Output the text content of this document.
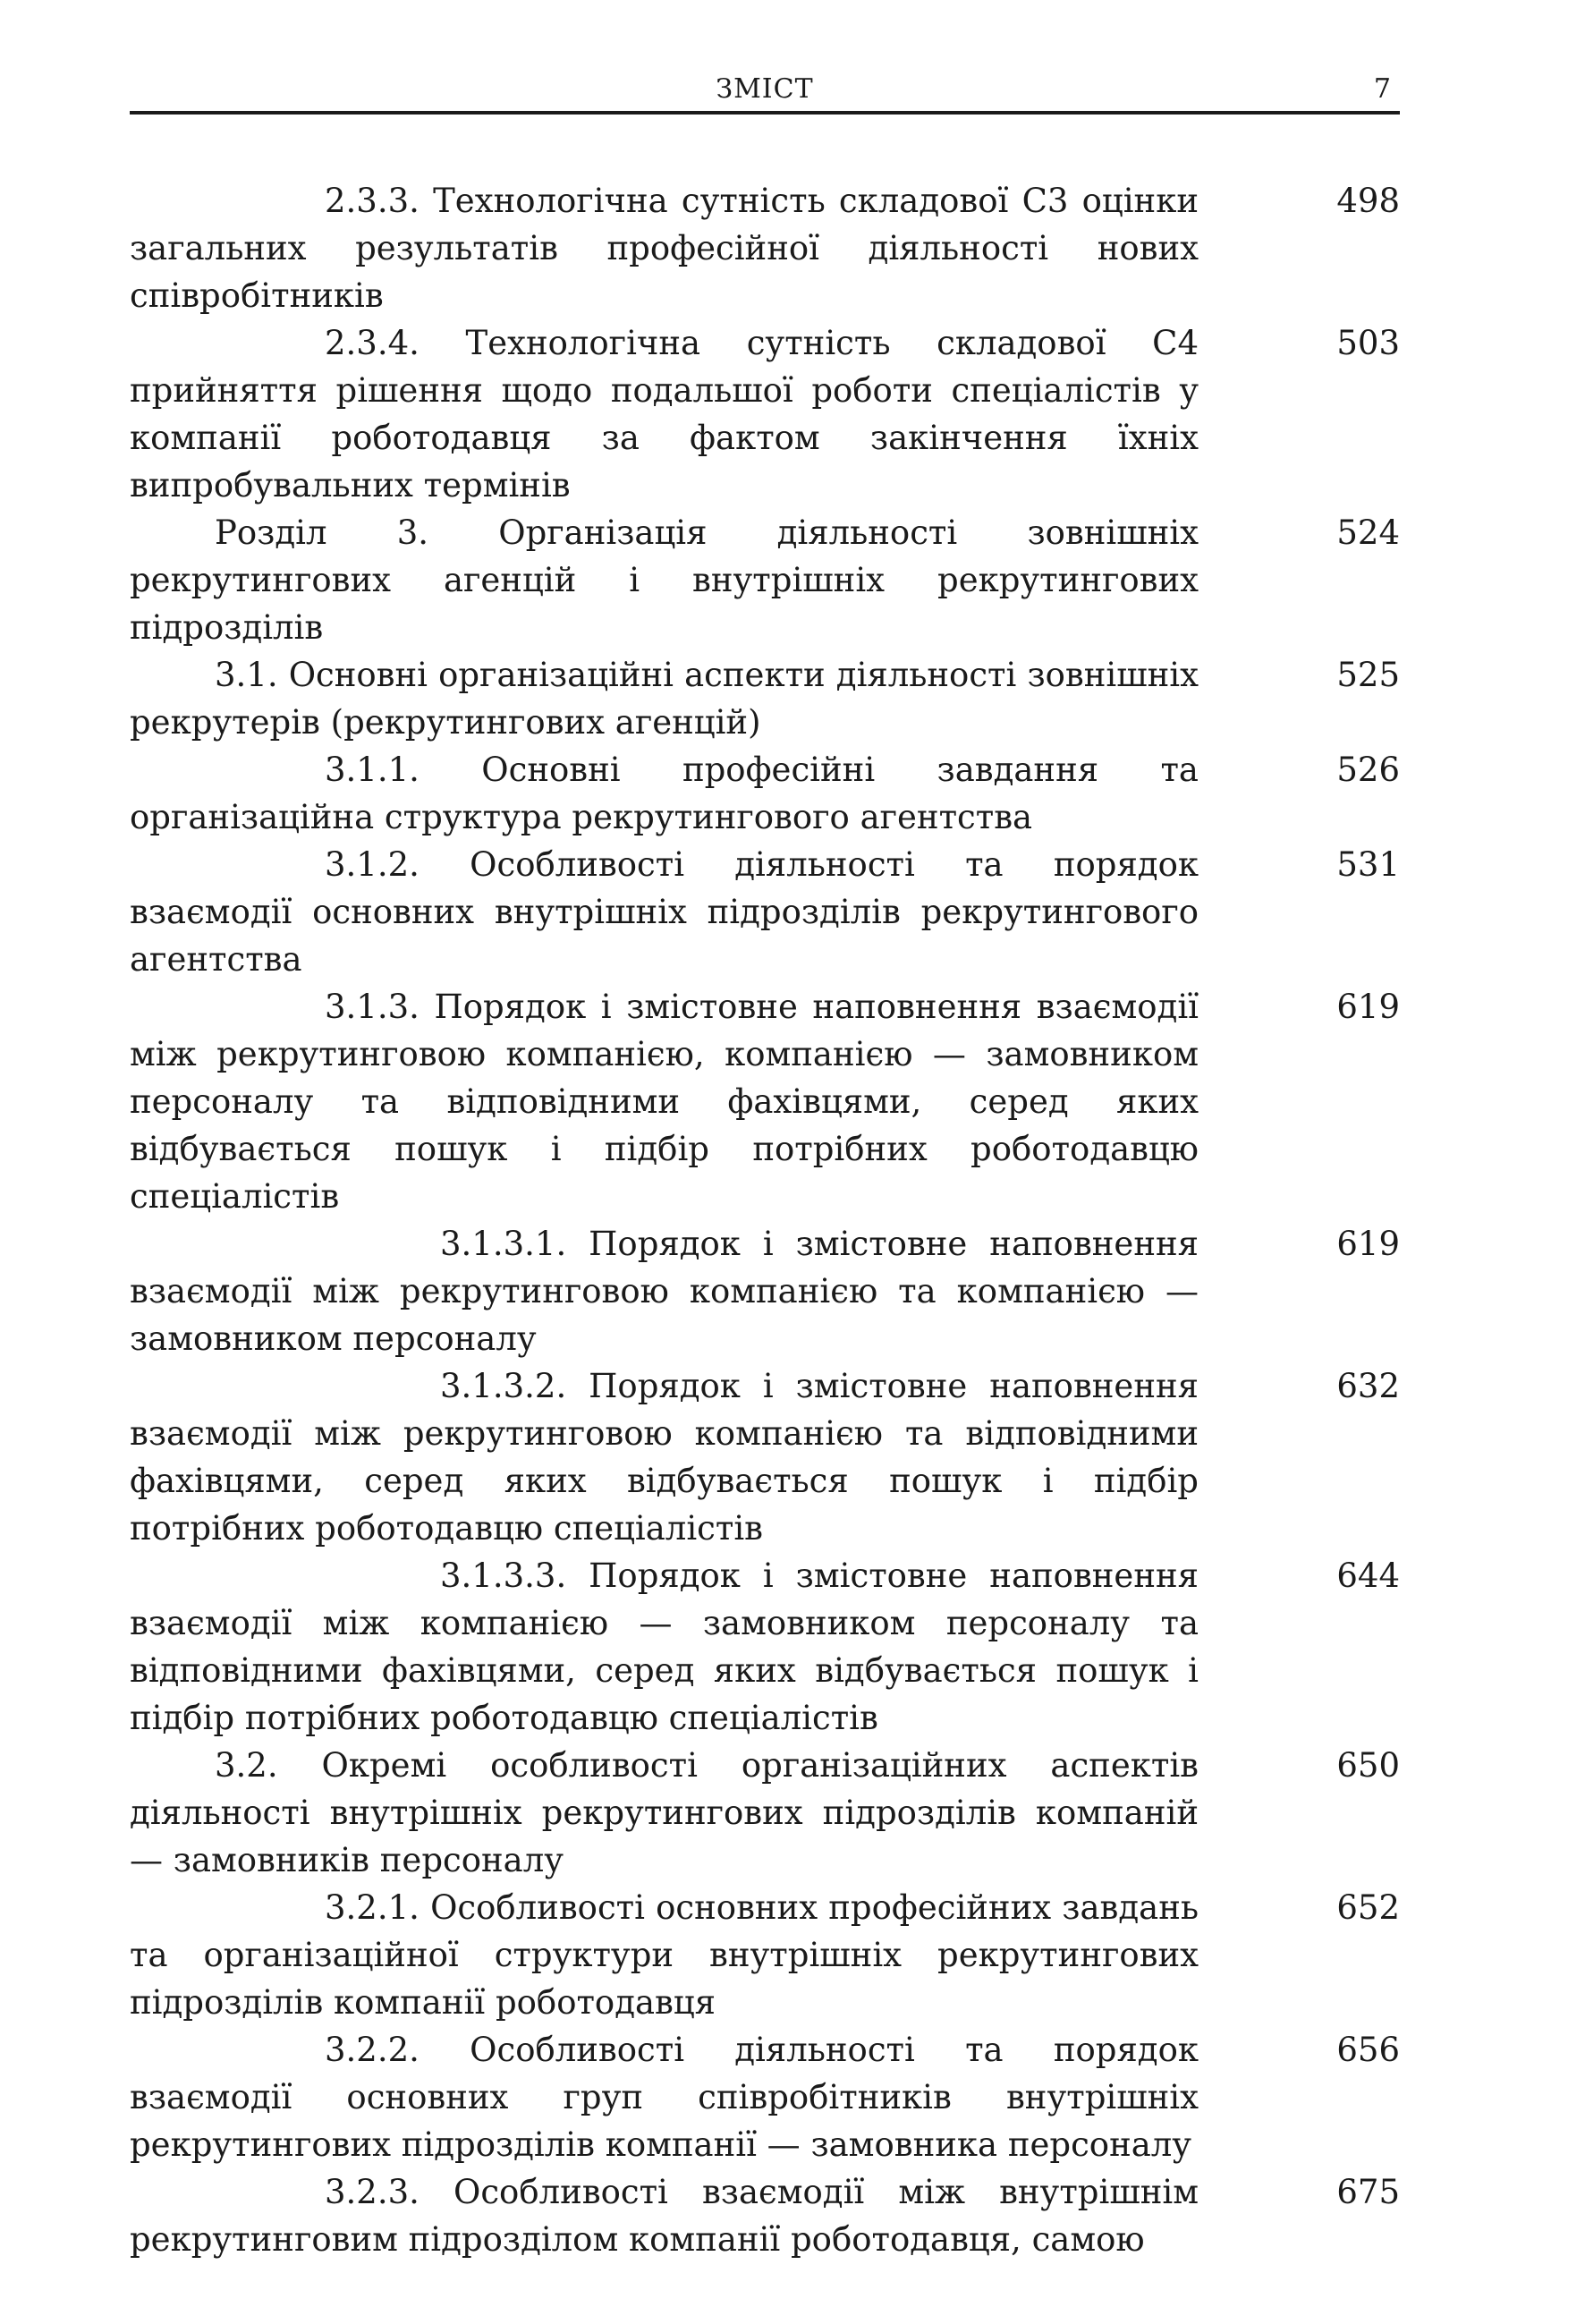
ЗМІСТ	7
2.3.3. Технологічна сутність складової С3 оцінки загальних результатів професійної діяльності нових співробітників
498
2.3.4. Технологічна сутність складової С4 прийняття рішення щодо подальшої роботи спеціалістів у компанії роботодавця за фактом закінчення їхніх випробувальних термінів
503
Розділ 3. Організація діяльності зовнішніх рекрутингових агенцій і внутрішніх рекрутингових підрозділів
524
3.1. Основні організаційні аспекти діяльності зовнішніх рекрутерів (рекрутингових агенцій)
525
3.1.1. Основні професійні завдання та організаційна структура рекрутингового агентства
526
3.1.2. Особливості діяльності та порядок взаємодії основних внутрішніх підрозділів рекрутингового агентства
531
3.1.3. Порядок і змістовне наповнення взаємодії між рекрутинговою компанією, компанією — замовником персоналу та відповідними фахівцями, серед яких відбувається пошук і підбір потрібних роботодавцю спеціалістів
619
3.1.3.1. Порядок і змістовне наповнення взаємодії між рекрутинговою компанією та компанією — замовником персоналу
619
3.1.3.2. Порядок і змістовне наповнення взаємодії між рекрутинговою компанією та відповідними фахівцями, серед яких відбувається пошук і підбір потрібних роботодавцю спеціалістів
632
3.1.3.3. Порядок і змістовне наповнення взаємодії між компанією — замовником персоналу та відповідними фахівцями, серед яких відбувається пошук і підбір потрібних роботодавцю спеціалістів
644
3.2. Окремі особливості організаційних аспектів діяльності внутрішніх рекрутингових підрозділів компаній — замовників персоналу
650
3.2.1. Особливості основних професійних завдань та організаційної структури внутрішніх рекрутингових підрозділів компанії роботодавця
652
3.2.2. Особливості діяльності та порядок взаємодії основних груп співробітників внутрішніх рекрутингових підрозділів компанії — замовника персоналу
656
3.2.3. Особливості взаємодії між внутрішнім рекрутинговим підрозділом компанії роботодавця, самою
675
